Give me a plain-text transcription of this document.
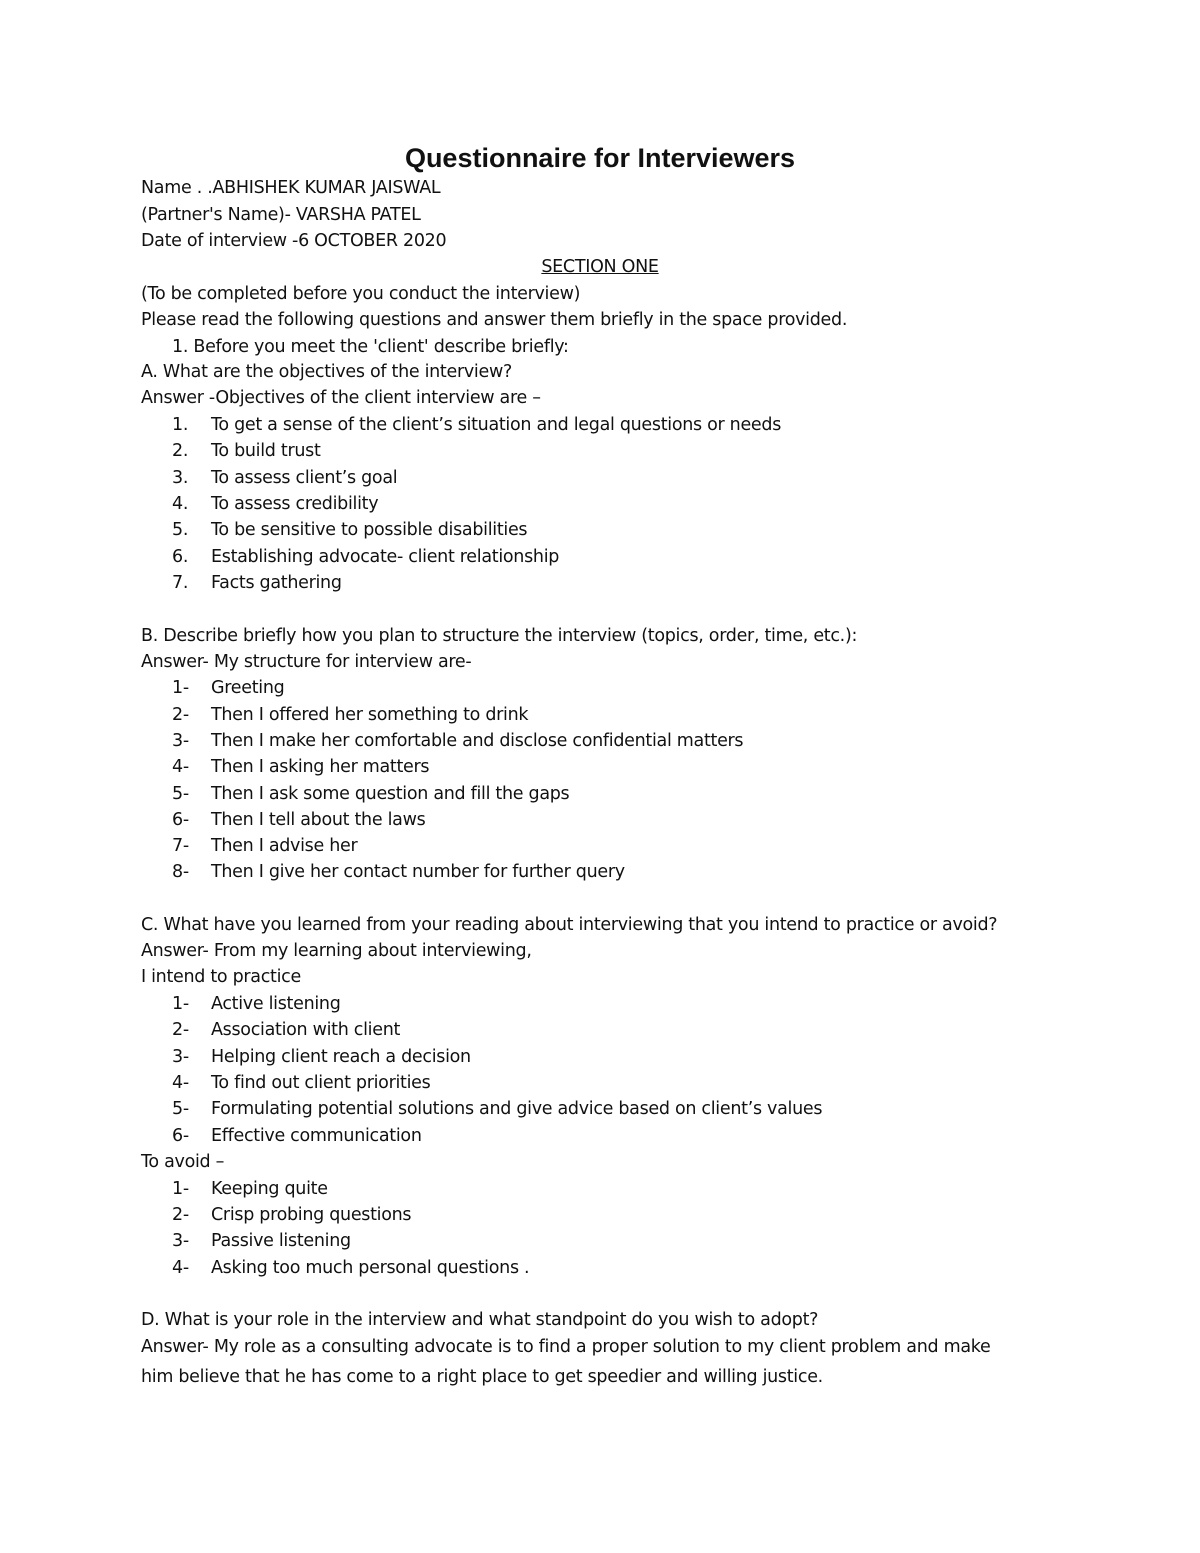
Questionnaire for Interviewers
Name . .ABHISHEK KUMAR JAISWAL
(Partner's Name)- VARSHA PATEL
Date of interview -6 OCTOBER 2020
SECTION ONE
(To be completed before you conduct the interview)
Please read the following questions and answer them briefly in the space provided.
1. Before you meet the 'client' describe briefly:
A. What are the objectives of the interview?
Answer -Objectives of the client interview are –
1. To get a sense of the client’s situation and legal questions or needs
2. To build trust
3. To assess client’s goal
4. To assess credibility
5. To be sensitive to possible disabilities
6. Establishing advocate- client relationship
7. Facts gathering
B. Describe briefly how you plan to structure the interview (topics, order, time, etc.):
Answer- My structure for interview are-
1- Greeting
2- Then I offered her something to drink
3- Then I make her comfortable and disclose confidential matters
4- Then I asking her matters
5- Then I ask some question and fill the gaps
6- Then I tell about the laws
7- Then I advise her
8- Then I give her contact number for further query
C. What have you learned from your reading about interviewing that you intend to practice or avoid?
Answer- From my learning about interviewing,
I intend to practice
1- Active listening
2- Association with client
3- Helping client reach a decision
4- To find out client priorities
5- Formulating potential solutions and give advice based on client’s values
6- Effective communication
To avoid –
1- Keeping quite
2- Crisp probing questions
3- Passive listening
4- Asking too much personal questions .
D. What is your role in the interview and what standpoint do you wish to adopt?
Answer- My role as a consulting advocate is to find a proper solution to my client problem and make
him believe that he has come to a right place to get speedier and willing justice.
